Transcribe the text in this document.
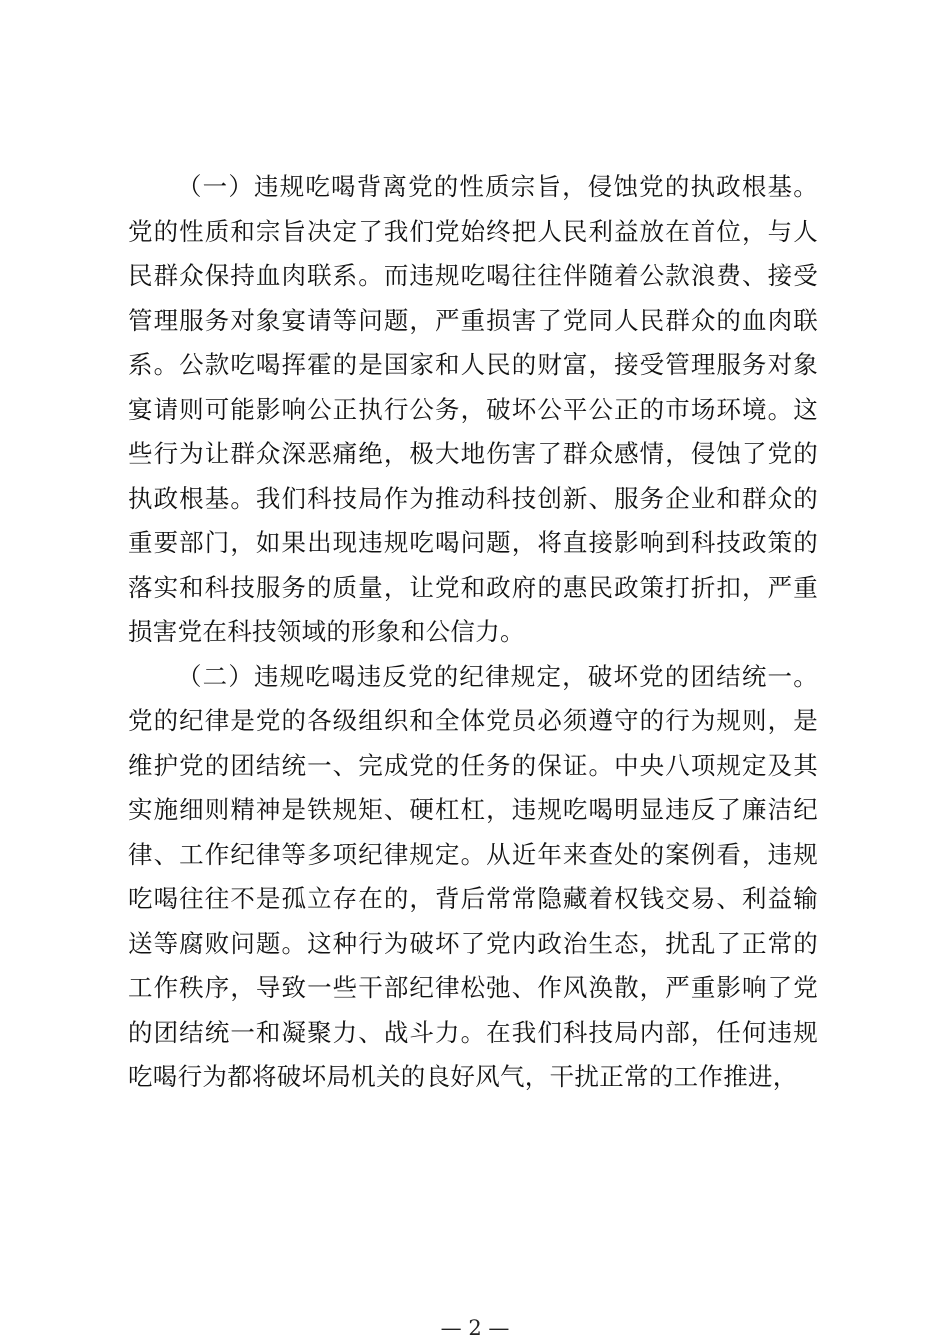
（一）违规吃喝背离党的性质宗旨，侵蚀党的执政根基。党的性质和宗旨决定了我们党始终把人民利益放在首位，与人民群众保持血肉联系。而违规吃喝往往伴随着公款浪费、接受管理服务对象宴请等问题，严重损害了党同人民群众的血肉联系。公款吃喝挥霍的是国家和人民的财富，接受管理服务对象宴请则可能影响公正执行公务，破坏公平公正的市场环境。这些行为让群众深恶痛绝，极大地伤害了群众感情，侵蚀了党的执政根基。我们科技局作为推动科技创新、服务企业和群众的重要部门，如果出现违规吃喝问题，将直接影响到科技政策的落实和科技服务的质量，让党和政府的惠民政策打折扣，严重损害党在科技领域的形象和公信力。

（二）违规吃喝违反党的纪律规定，破坏党的团结统一。党的纪律是党的各级组织和全体党员必须遵守的行为规则，是维护党的团结统一、完成党的任务的保证。中央八项规定及其实施细则精神是铁规矩、硬杠杠，违规吃喝明显违反了廉洁纪律、工作纪律等多项纪律规定。从近年来查处的案例看，违规吃喝往往不是孤立存在的，背后常常隐藏着权钱交易、利益输送等腐败问题。这种行为破坏了党内政治生态，扰乱了正常的工作秩序，导致一些干部纪律松弛、作风涣散，严重影响了党的团结统一和凝聚力、战斗力。在我们科技局内部，任何违规吃喝行为都将破坏局机关的良好风气，干扰正常的工作推进，

— 2 —
